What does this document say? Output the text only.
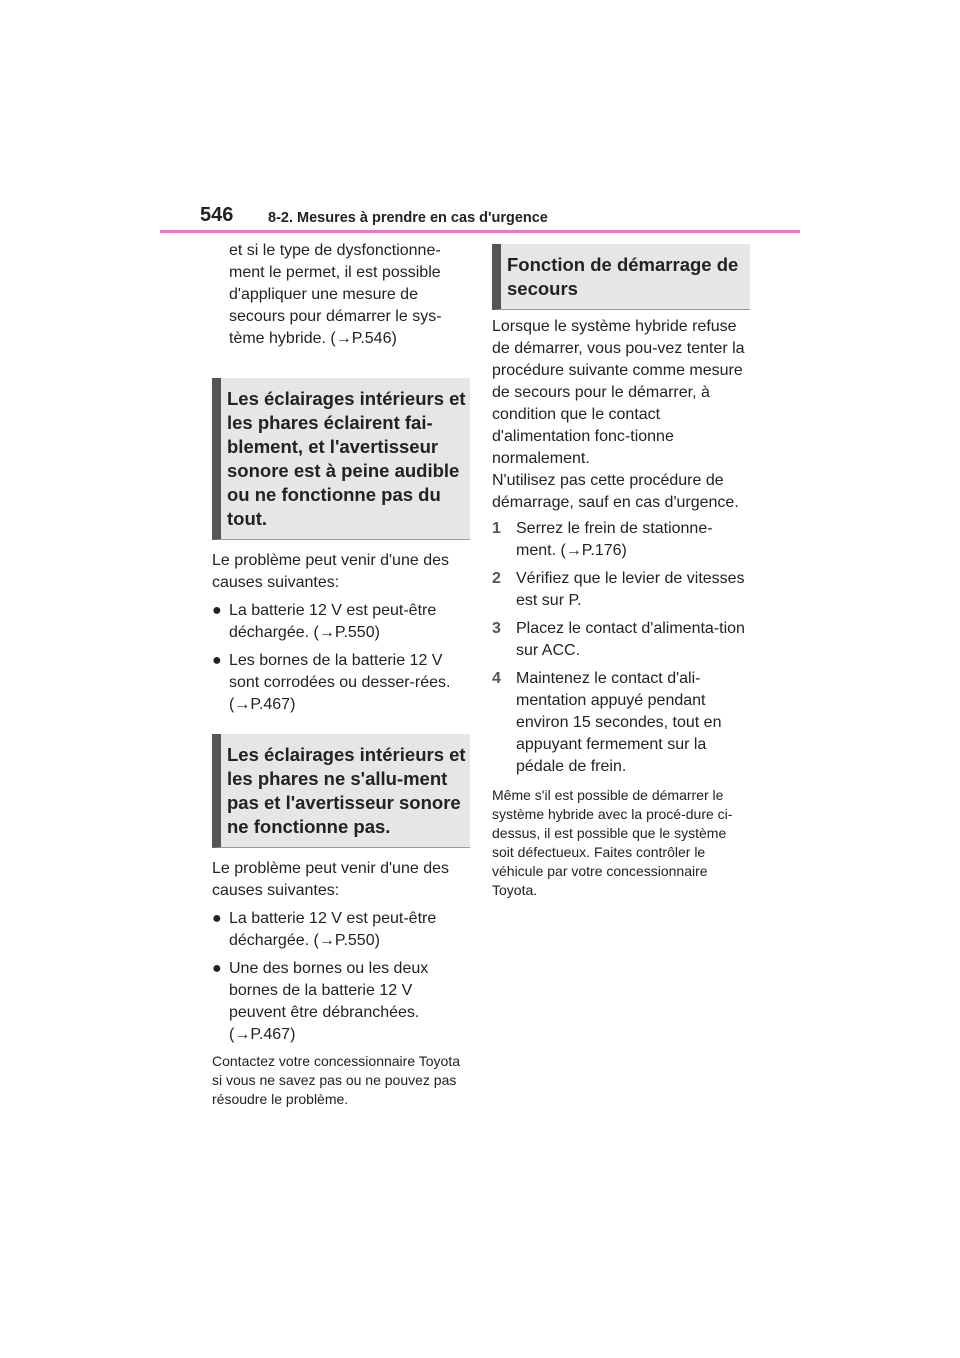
546 8-2. Mesures à prendre en cas d'urgence

et si le type de dysfonctionne-ment le permet, il est possible d'appliquer une mesure de secours pour démarrer le sys-tème hybride. (→P.546)

Les éclairages intérieurs et les phares éclairent fai-blement, et l'avertisseur sonore est à peine audible ou ne fonctionne pas du tout.

Le problème peut venir d'une des causes suivantes:

● La batterie 12 V est peut-être déchargée. (→P.550)
● Les bornes de la batterie 12 V sont corrodées ou desser-rées. (→P.467)
Les éclairages intérieurs et les phares ne s'allu-ment pas et l'avertisseur sonore ne fonctionne pas.

Le problème peut venir d'une des causes suivantes:

● La batterie 12 V est peut-être déchargée. (→P.550)
● Une des bornes ou les deux bornes de la batterie 12 V peuvent être débranchées. (→P.467)

Contactez votre concessionnaire Toyota si vous ne savez pas ou ne pouvez pas résoudre le problème.

Fonction de démarrage de secours

Lorsque le système hybride refuse de démarrer, vous pou-vez tenter la procédure suivante comme mesure de secours pour le démarrer, à condition que le contact d'alimentation fonc-tionne normalement.

N'utilisez pas cette procédure de démarrage, sauf en cas d'urgence.

1 Serrez le frein de stationne-ment. (→P.176)
2 Vérifiez que le levier de vitesses est sur P.
3 Placez le contact d'alimenta-tion sur ACC.
4 Maintenez le contact d'ali-mentation appuyé pendant environ 15 secondes, tout en appuyant fermement sur la pédale de frein.

Même s'il est possible de démarrer le système hybride avec la procé-dure ci-dessus, il est possible que le système soit défectueux. Faites contrôler le véhicule par votre concessionnaire Toyota.
